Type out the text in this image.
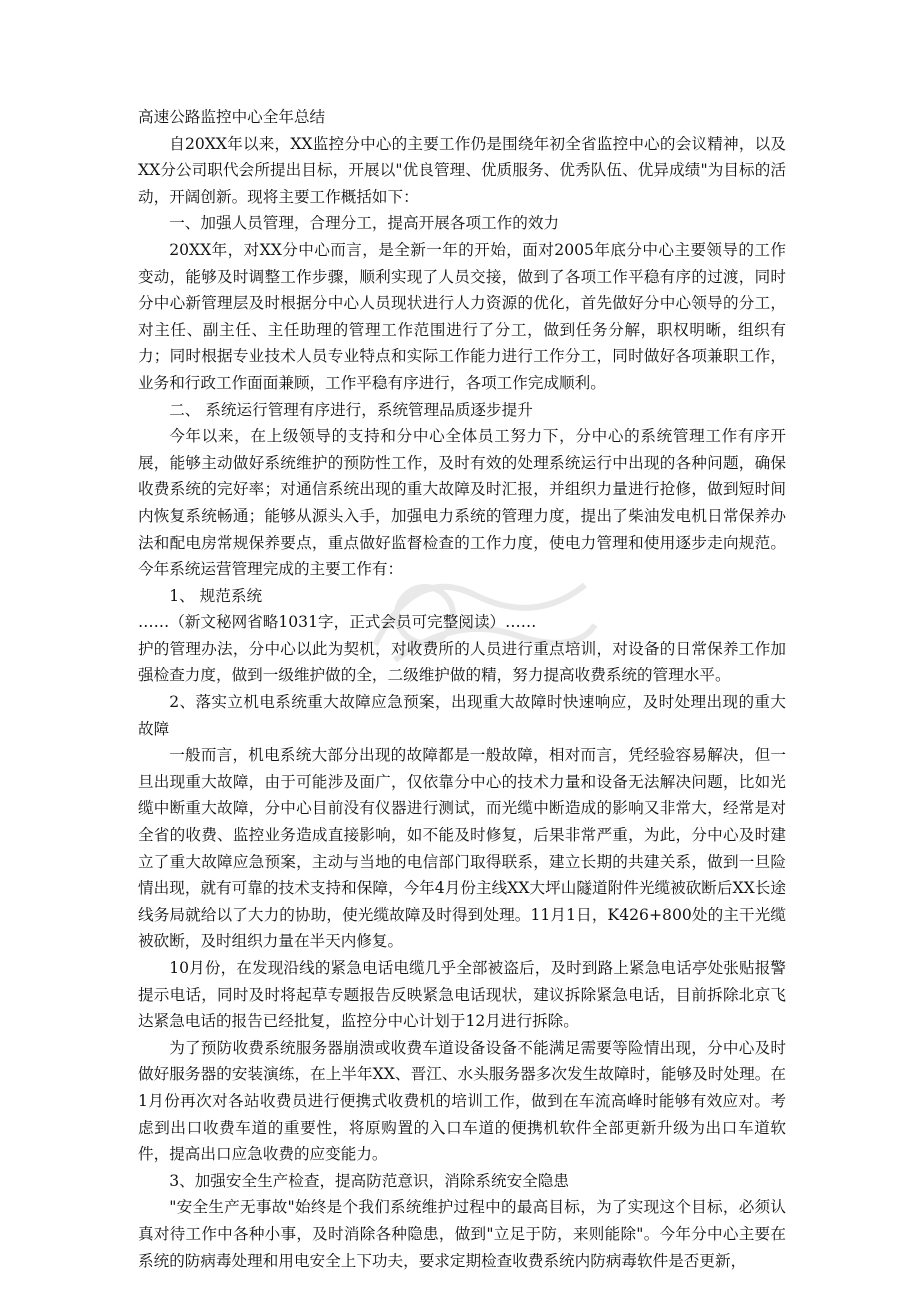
高速公路监控中心全年总结

自20XX年以来，XX监控分中心的主要工作仍是围绕年初全省监控中心的会议精神，以及XX分公司职代会所提出目标，开展以"优良管理、优质服务、优秀队伍、优异成绩"为目标的活动，开阔创新。现将主要工作概括如下：

一、加强人员管理，合理分工，提高开展各项工作的效力

20XX年，对XX分中心而言，是全新一年的开始，面对2005年底分中心主要领导的工作变动，能够及时调整工作步骤，顺利实现了人员交接，做到了各项工作平稳有序的过渡，同时分中心新管理层及时根据分中心人员现状进行人力资源的优化，首先做好分中心领导的分工，对主任、副主任、主任助理的管理工作范围进行了分工，做到任务分解，职权明晰，组织有力；同时根据专业技术人员专业特点和实际工作能力进行工作分工，同时做好各项兼职工作，业务和行政工作面面兼顾，工作平稳有序进行，各项工作完成顺利。

二、 系统运行管理有序进行，系统管理品质逐步提升

今年以来，在上级领导的支持和分中心全体员工努力下，分中心的系统管理工作有序开展，能够主动做好系统维护的预防性工作，及时有效的处理系统运行中出现的各种问题，确保收费系统的完好率；对通信系统出现的重大故障及时汇报，并组织力量进行抢修，做到短时间内恢复系统畅通；能够从源头入手，加强电力系统的管理力度，提出了柴油发电机日常保养办法和配电房常规保养要点，重点做好监督检查的工作力度，使电力管理和使用逐步走向规范。今年系统运营管理完成的主要工作有：

1、 规范系统

……（新文秘网省略1031字，正式会员可完整阅读）……

护的管理办法，分中心以此为契机，对收费所的人员进行重点培训，对设备的日常保养工作加强检查力度，做到一级维护做的全，二级维护做的精，努力提高收费系统的管理水平。

2、落实立机电系统重大故障应急预案，出现重大故障时快速响应，及时处理出现的重大故障

一般而言，机电系统大部分出现的故障都是一般故障，相对而言，凭经验容易解决，但一旦出现重大故障，由于可能涉及面广，仅依靠分中心的技术力量和设备无法解决问题，比如光缆中断重大故障，分中心目前没有仪器进行测试，而光缆中断造成的影响又非常大，经常是对全省的收费、监控业务造成直接影响，如不能及时修复，后果非常严重，为此，分中心及时建立了重大故障应急预案，主动与当地的电信部门取得联系，建立长期的共建关系，做到一旦险情出现，就有可靠的技术支持和保障，今年4月份主线XX大坪山隧道附件光缆被砍断后XX长途线务局就给以了大力的协助，使光缆故障及时得到处理。11月1日，K426+800处的主干光缆被砍断，及时组织力量在半天内修复。

10月份，在发现沿线的紧急电话电缆几乎全部被盗后，及时到路上紧急电话亭处张贴报警提示电话，同时及时将起草专题报告反映紧急电话现状，建议拆除紧急电话，目前拆除北京飞达紧急电话的报告已经批复，监控分中心计划于12月进行拆除。

为了预防收费系统服务器崩溃或收费车道设备设备不能满足需要等险情出现，分中心及时做好服务器的安装演练，在上半年XX、晋江、水头服务器多次发生故障时，能够及时处理。在1月份再次对各站收费员进行便携式收费机的培训工作，做到在车流高峰时能够有效应对。考虑到出口收费车道的重要性，将原购置的入口车道的便携机软件全部更新升级为出口车道软件，提高出口应急收费的应变能力。

3、加强安全生产检查，提高防范意识，消除系统安全隐患

"安全生产无事故"始终是个我们系统维护过程中的最高目标，为了实现这个目标，必须认真对待工作中各种小事，及时消除各种隐患，做到"立足于防，来则能除"。今年分中心主要在系统的防病毒处理和用电安全上下功夫，要求定期检查收费系统内防病毒软件是否更新，
